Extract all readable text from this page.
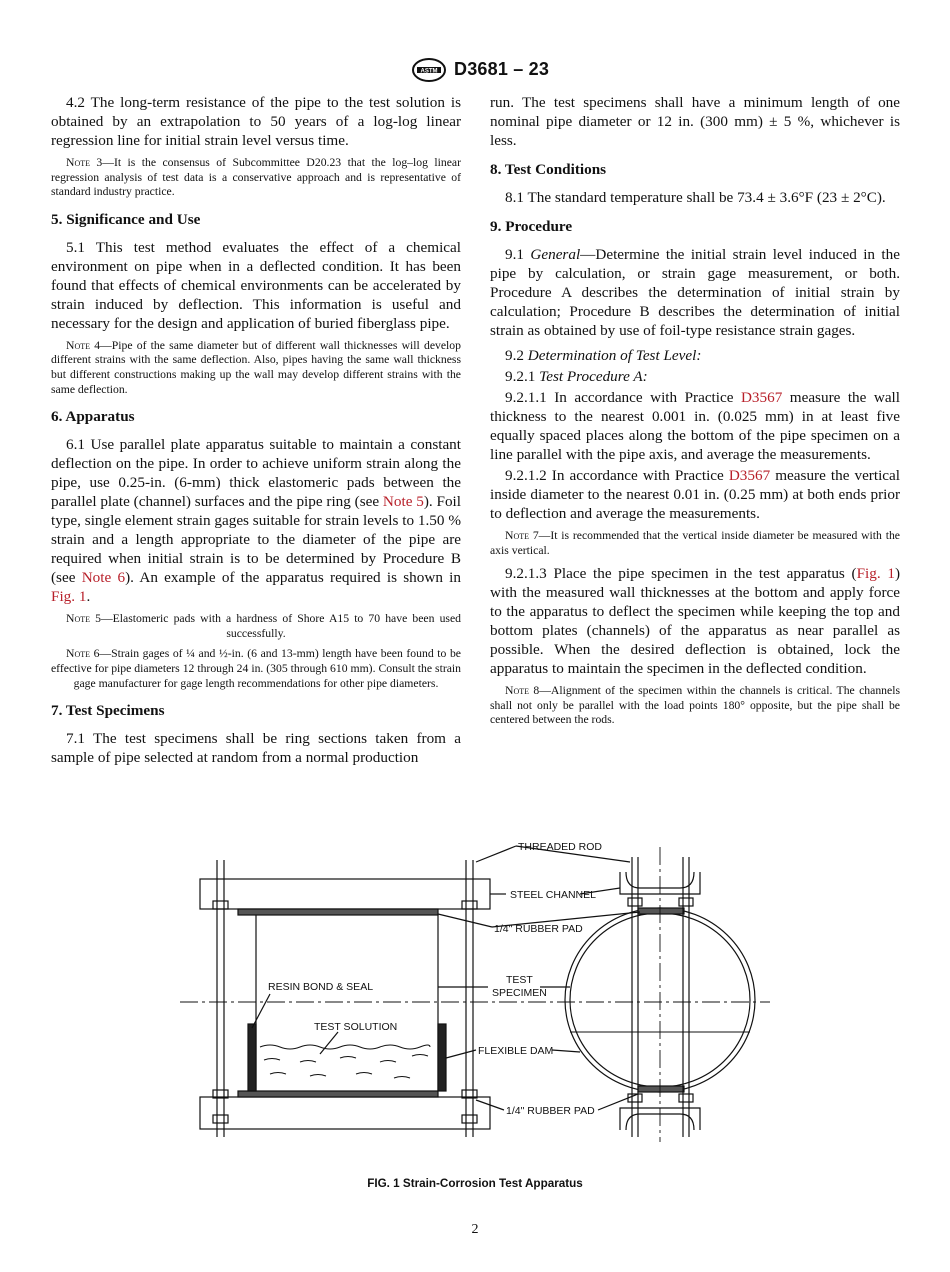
ASTM D3681 – 23

4.2 The long-term resistance of the pipe to the test solution is obtained by an extrapolation to 50 years of a log-log linear regression line for initial strain level versus time.

Note 3—It is the consensus of Subcommittee D20.23 that the log–log linear regression analysis of test data is a conservative approach and is representative of standard industry practice.

5. Significance and Use

5.1 This test method evaluates the effect of a chemical environment on pipe when in a deflected condition. It has been found that effects of chemical environments can be accelerated by strain induced by deflection. This information is useful and necessary for the design and application of buried fiberglass pipe.

Note 4—Pipe of the same diameter but of different wall thicknesses will develop different strains with the same deflection. Also, pipes having the same wall thickness but different constructions making up the wall may develop different strains with the same deflection.

6. Apparatus

6.1 Use parallel plate apparatus suitable to maintain a constant deflection on the pipe. In order to achieve uniform strain along the pipe, use 0.25-in. (6-mm) thick elastomeric pads between the parallel plate (channel) surfaces and the pipe ring (see Note 5). Foil type, single element strain gages suitable for strain levels to 1.50 % strain and a length appropriate to the diameter of the pipe are required when initial strain is to be determined by Procedure B (see Note 6). An example of the apparatus required is shown in Fig. 1.

Note 5—Elastomeric pads with a hardness of Shore A15 to 70 have been used successfully.

Note 6—Strain gages of ¼ and ½-in. (6 and 13-mm) length have been found to be effective for pipe diameters 12 through 24 in. (305 through 610 mm). Consult the strain gage manufacturer for gage length recommendations for other pipe diameters.

7. Test Specimens

7.1 The test specimens shall be ring sections taken from a sample of pipe selected at random from a normal production

run. The test specimens shall have a minimum length of one nominal pipe diameter or 12 in. (300 mm) ± 5 %, whichever is less.

8. Test Conditions

8.1 The standard temperature shall be 73.4 ± 3.6°F (23 ± 2°C).

9. Procedure

9.1 General—Determine the initial strain level induced in the pipe by calculation, or strain gage measurement, or both. Procedure A describes the determination of initial strain by calculation; Procedure B describes the determination of initial strain as obtained by use of foil-type resistance strain gages.

9.2 Determination of Test Level:

9.2.1 Test Procedure A:

9.2.1.1 In accordance with Practice D3567 measure the wall thickness to the nearest 0.001 in. (0.025 mm) in at least five equally spaced places along the bottom of the pipe specimen on a line parallel with the pipe axis, and average the measurements.

9.2.1.2 In accordance with Practice D3567 measure the vertical inside diameter to the nearest 0.01 in. (0.25 mm) at both ends prior to deflection and average the measurements.

Note 7—It is recommended that the vertical inside diameter be measured with the axis vertical.

9.2.1.3 Place the pipe specimen in the test apparatus (Fig. 1) with the measured wall thicknesses at the bottom and apply force to the apparatus to deflect the specimen while keeping the top and bottom plates (channels) of the apparatus as near parallel as possible. When the desired deflection is obtained, lock the apparatus to maintain the specimen in the deflected condition.

Note 8—Alignment of the specimen within the channels is critical. The channels shall not only be parallel with the load points 180° opposite, but the pipe shall be centered between the rods.

THREADED ROD
STEEL CHANNEL
1/4" RUBBER PAD
TEST
SPECIMEN
RESIN BOND & SEAL
TEST SOLUTION
FLEXIBLE DAM
1/4" RUBBER PAD
FIG. 1 Strain-Corrosion Test Apparatus
2
